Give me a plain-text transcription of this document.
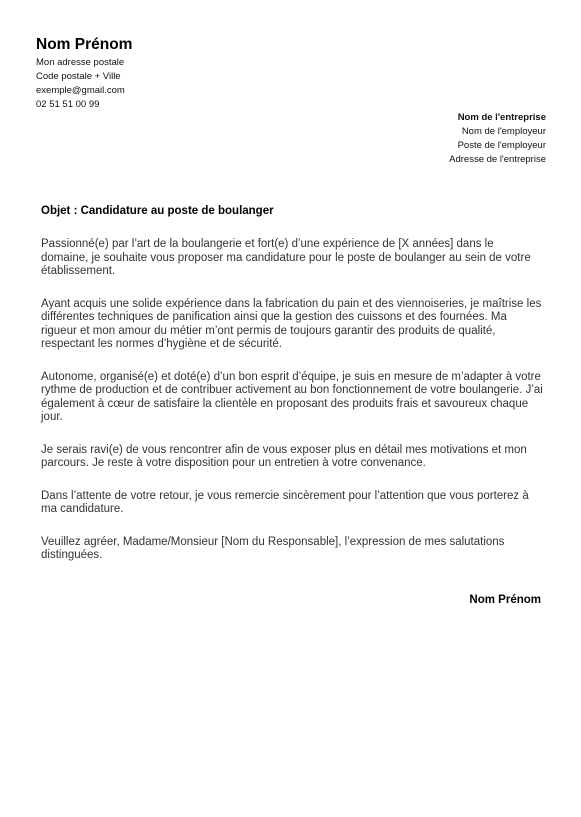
Nom Prénom
Mon adresse postale
Code postale + Ville
exemple@gmail.com
02 51 51 00 99
Nom de l'entreprise
Nom de l'employeur
Poste de l'employeur
Adresse de l'entreprise
Objet : Candidature au poste de boulanger

Passionné(e) par l’art de la boulangerie et fort(e) d’une expérience de [X années] dans le domaine, je souhaite vous proposer ma candidature pour le poste de boulanger au sein de votre établissement.

Ayant acquis une solide expérience dans la fabrication du pain et des viennoiseries, je maîtrise les différentes techniques de panification ainsi que la gestion des cuissons et des fournées. Ma rigueur et mon amour du métier m’ont permis de toujours garantir des produits de qualité, respectant les normes d’hygiène et de sécurité.

Autonome, organisé(e) et doté(e) d’un bon esprit d’équipe, je suis en mesure de m’adapter à votre rythme de production et de contribuer activement au bon fonctionnement de votre boulangerie. J’ai également à cœur de satisfaire la clientèle en proposant des produits frais et savoureux chaque jour.

Je serais ravi(e) de vous rencontrer afin de vous exposer plus en détail mes motivations et mon parcours. Je reste à votre disposition pour un entretien à votre convenance.

Dans l’attente de votre retour, je vous remercie sincèrement pour l’attention que vous porterez à ma candidature.

Veuillez agréer, Madame/Monsieur [Nom du Responsable], l’expression de mes salutations distinguées.

Nom Prénom
